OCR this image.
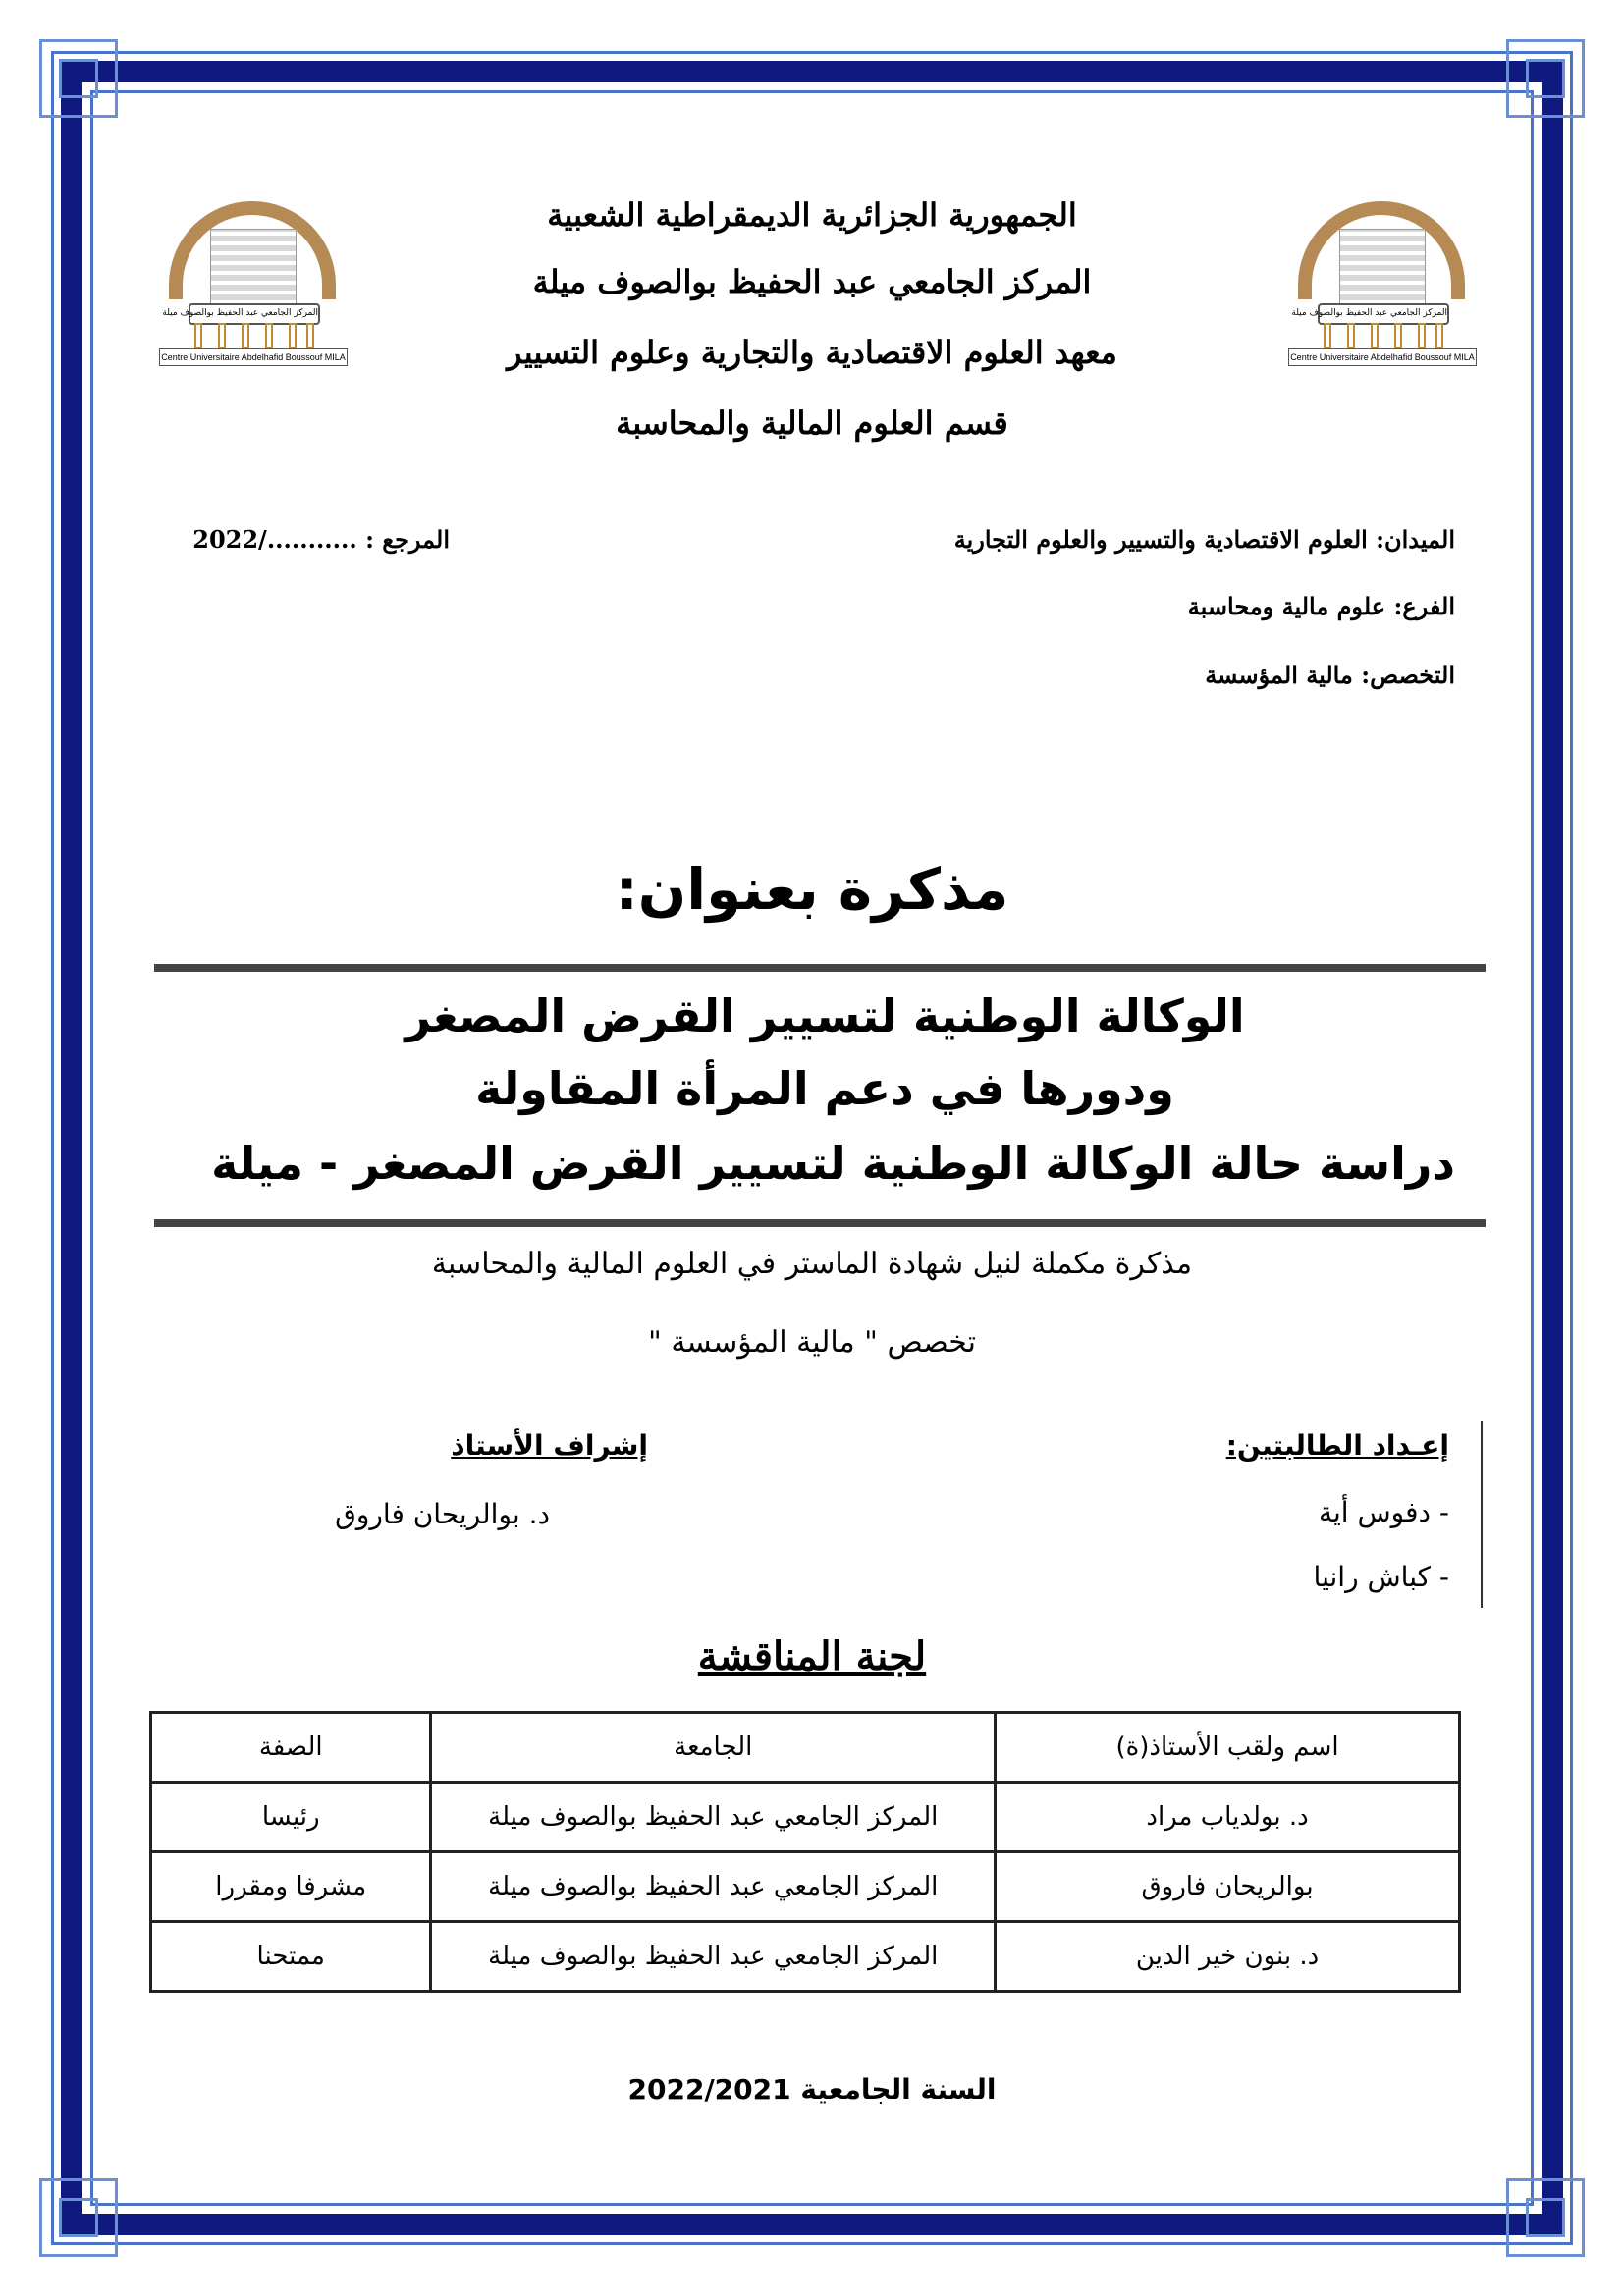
المركز الجامعي عبد الحفيظ بوالصوف ميلة
Centre Universitaire Abdelhafid Boussouf MILA
المركز الجامعي عبد الحفيظ بوالصوف ميلة
Centre Universitaire Abdelhafid Boussouf MILA
الجمهورية الجزائرية الديمقراطية الشعبية
المركز الجامعي عبد الحفيظ بوالصوف ميلة
معهد العلوم الاقتصادية والتجارية وعلوم التسيير
قسم العلوم المالية والمحاسبة
الميدان: العلوم الاقتصادية والتسيير والعلوم التجارية
الفرع: علوم مالية ومحاسبة
التخصص: مالية المؤسسة
المرجع : .........../2022
مذكرة بعنوان:
الوكالة الوطنية لتسيير القرض المصغر
ودورها في دعم المرأة المقاولة
دراسة حالة الوكالة الوطنية لتسيير القرض المصغر - ميلة
مذكرة مكملة لنيل شهادة الماستر في العلوم المالية والمحاسبة
تخصص " مالية المؤسسة "
إعـداد الطالبتين:
- دفوس أية
- كباش رانيا
إشراف الأستاذ
د. بوالريحان فاروق
لجنة المناقشة
اسم ولقب الأستاذ(ة)	الجامعة	الصفة
د. بولدياب مراد	المركز الجامعي عبد الحفيظ بوالصوف ميلة	رئيسا
بوالريحان فاروق	المركز الجامعي عبد الحفيظ بوالصوف ميلة	مشرفا ومقررا
د. بنون خير الدين	المركز الجامعي عبد الحفيظ بوالصوف ميلة	ممتحنا
السنة الجامعية 2022/2021
